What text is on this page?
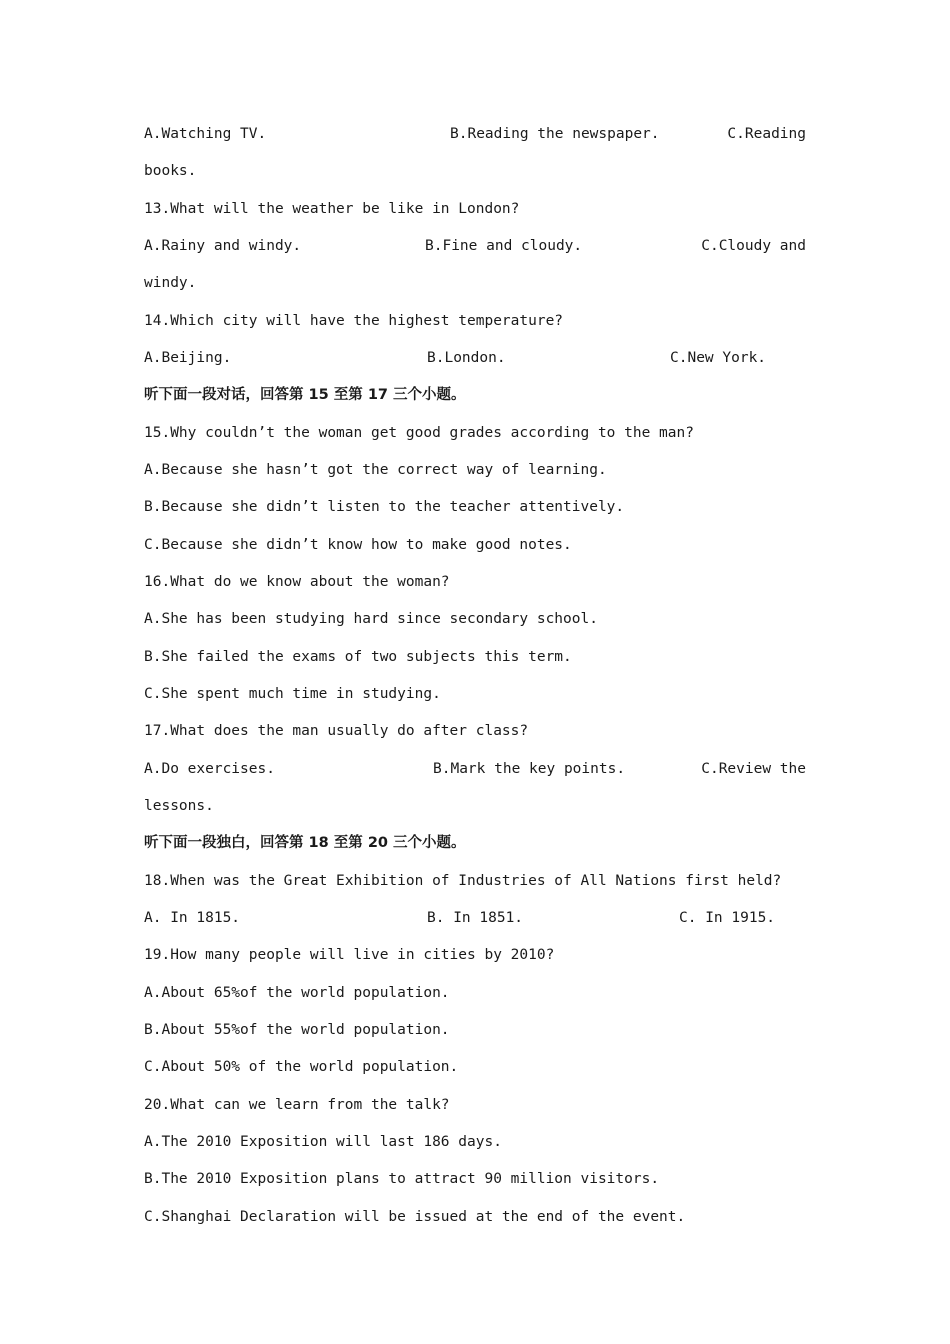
A.Watching TV.

	B.Reading the newspaper.

	C.Reading

books.
13.What will the weather be like in London?

A.Rainy and windy.

	B.Fine and cloudy.

	C.Cloudy and

windy.
14.Which city will have the highest temperature?

A.Beijing.

	B.London.

	C.New York.

听下面一段对话，回答第 15 至第 17 三个小题。
15.Why couldn’t the woman get good grades according to the man?
A.Because she hasn’t got the correct way of learning.
B.Because she didn’t listen to the teacher attentively.
C.Because she didn’t know how to make good notes.
16.What do we know about the woman?
A.She has been studying hard since secondary school.
B.She failed the exams of two subjects this term.
C.She spent much time in studying.
17.What does the man usually do after class?

A.Do exercises.

	B.Mark the key points.

	C.Review the

lessons.
听下面一段独白，回答第 18 至第 20 三个小题。
18.When was the Great Exhibition of Industries of All Nations first held?

A. In 1815.

	B. In 1851.

	C. In 1915.

19.How many people will live in cities by 2010?
A.About 65%of the world population.
B.About 55%of the world population.
C.About 50% of the world population.
20.What can we learn from the talk?
A.The 2010 Exposition will last 186 days.
B.The 2010 Exposition plans to attract 90 million visitors.
C.Shanghai Declaration will be issued at the end of the event.
